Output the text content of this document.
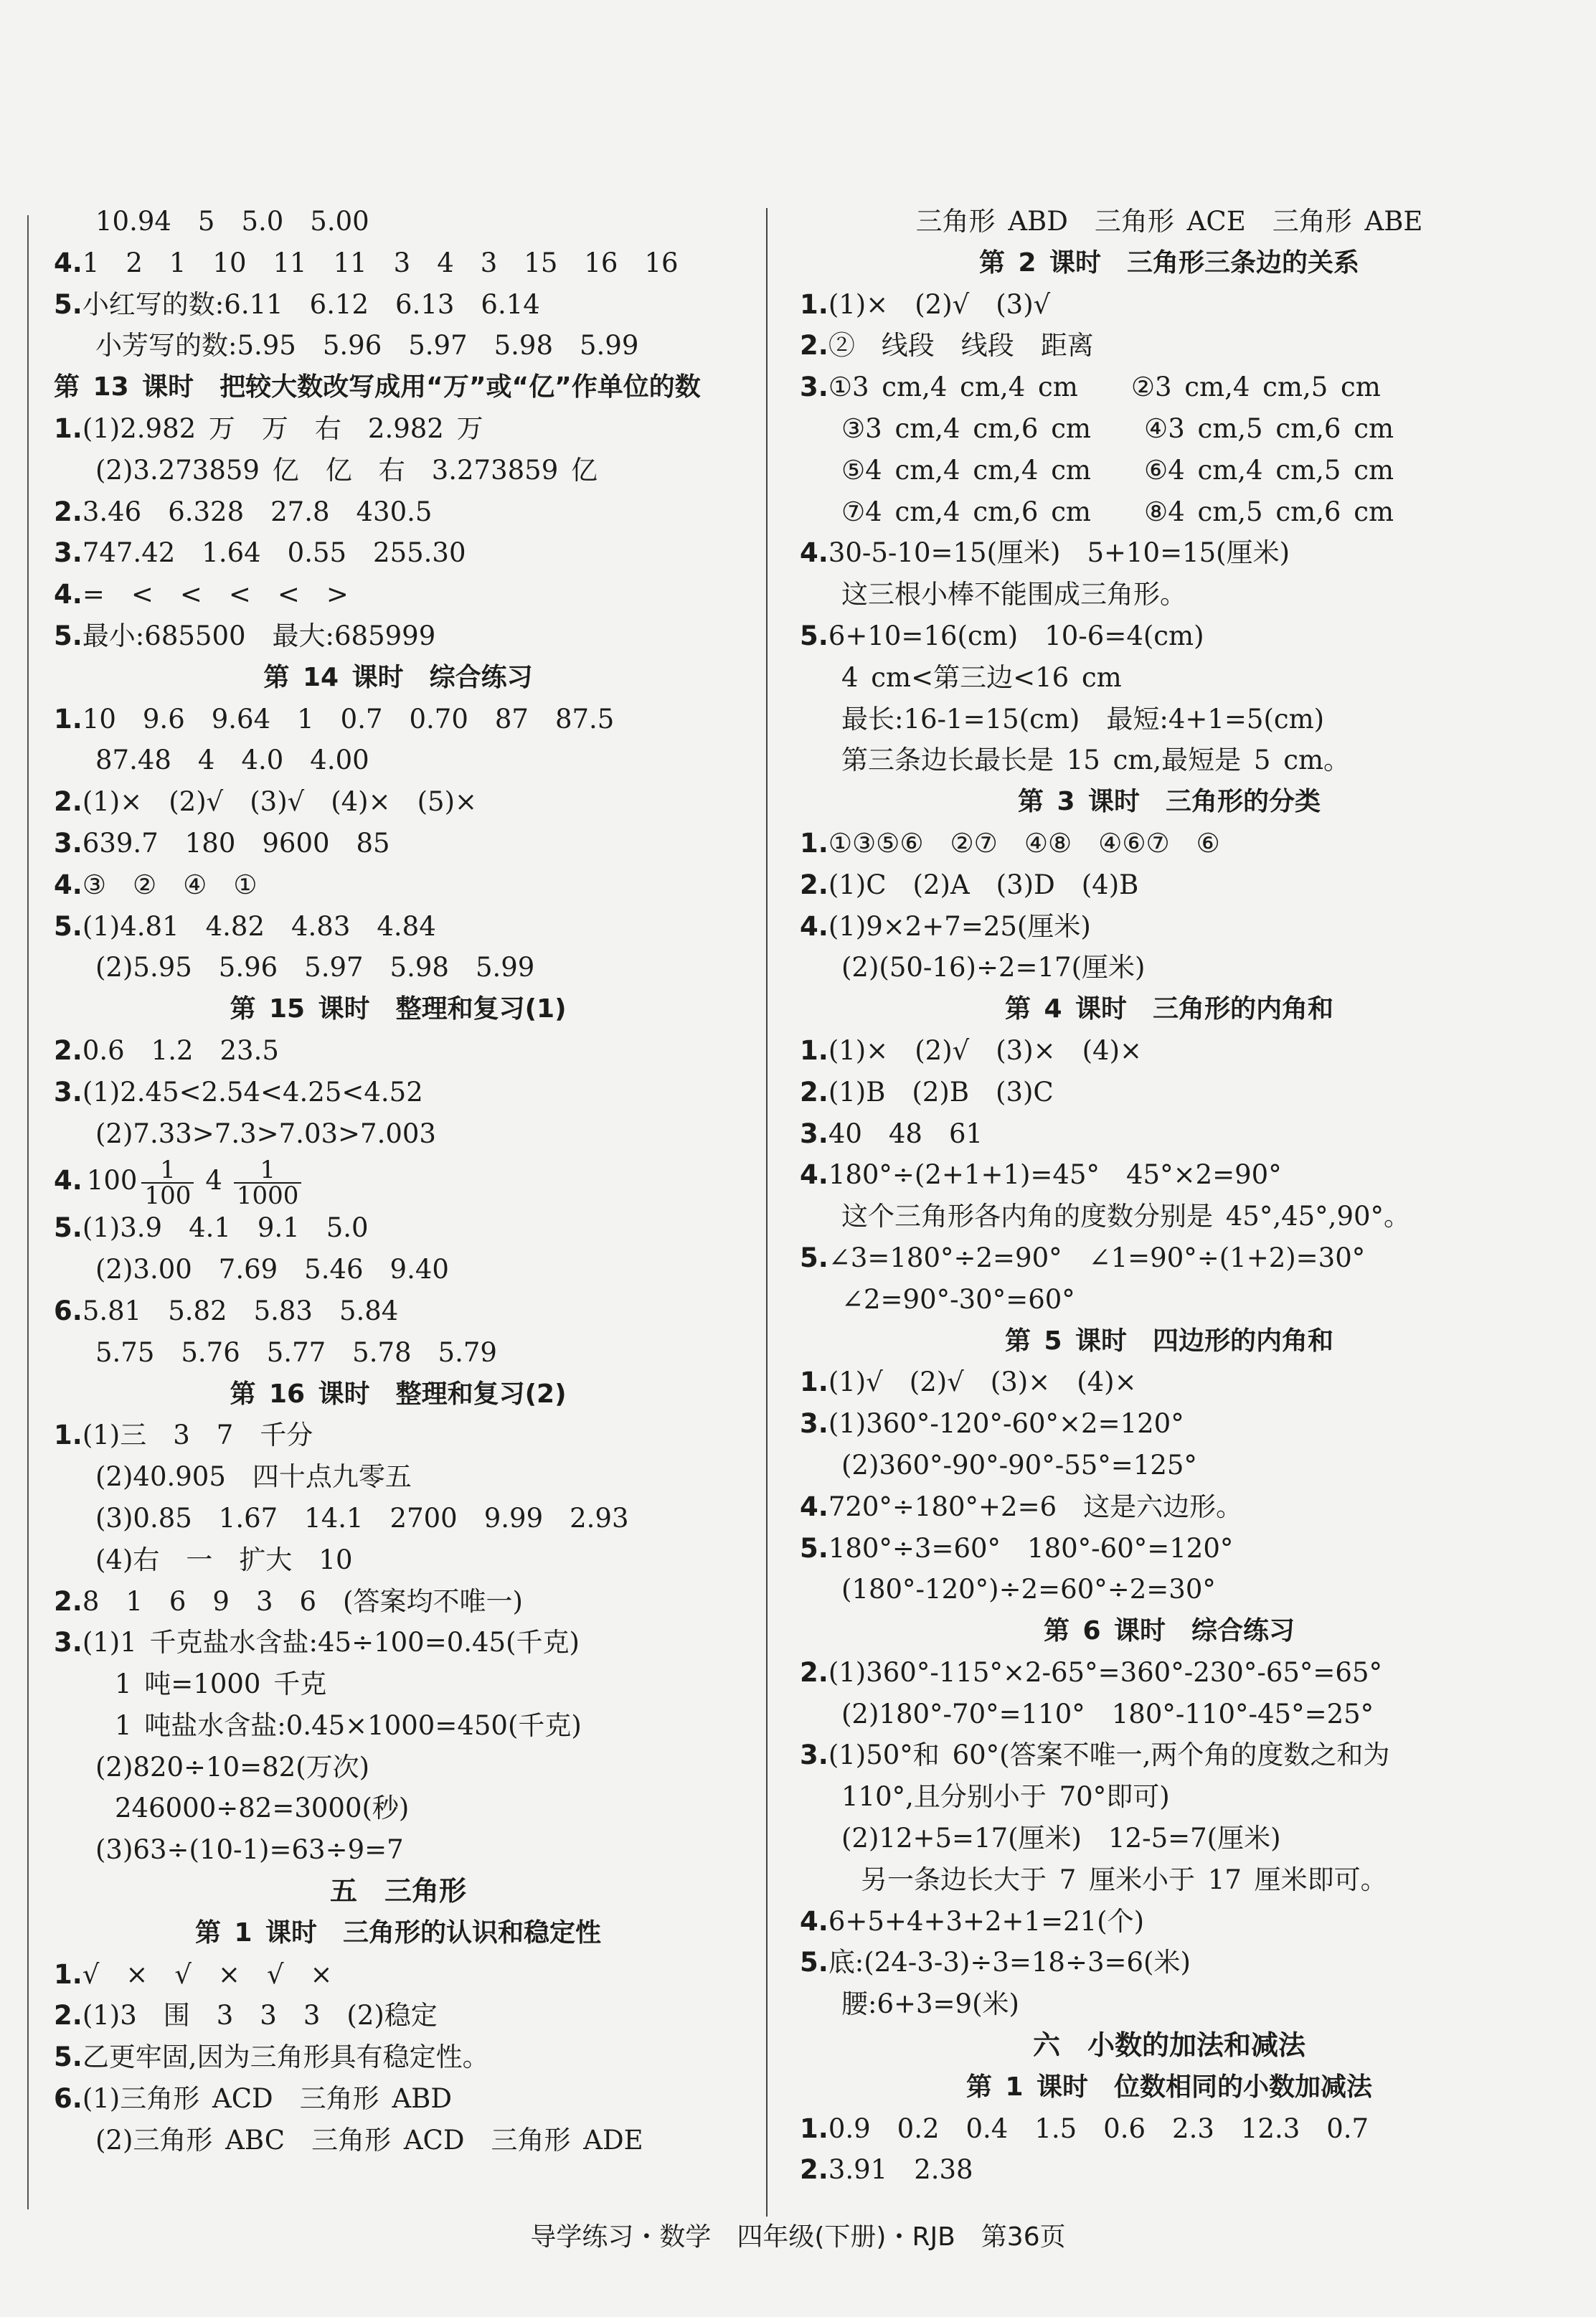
10.94　5　5.0　5.00
4.1　2　1　10　11　11　3　4　3　15　16　16
5.小红写的数:6.11　6.12　6.13　6.14
小芳写的数:5.95　5.96　5.97　5.98　5.99
第 13 课时　把较大数改写成用“万”或“亿”作单位的数
1.(1)2.982 万　万　右　2.982 万
(2)3.273859 亿　亿　右　3.273859 亿
2.3.46　6.328　27.8　430.5
3.747.42　1.64　0.55　255.30
4.=　<　<　<　<　>
5.最小:685500　最大:685999
第 14 课时　综合练习
1.10　9.6　9.64　1　0.7　0.70　87　87.5
87.48　4　4.0　4.00
2.(1)×　(2)√　(3)√　(4)×　(5)×
3.639.7　180　9600　85
4.③　②　④　①
5.(1)4.81　4.82　4.83　4.84
(2)5.95　5.96　5.97　5.98　5.99
第 15 课时　整理和复习(1)
2.0.6　1.2　23.5
3.(1)2.45<2.54<4.25<4.52
(2)7.33>7.3>7.03>7.003
4. $100 \frac{1}{100} 4 \frac{1}{1000}$
5.(1)3.9　4.1　9.1　5.0
(2)3.00　7.69　5.46　9.40
6.5.81　5.82　5.83　5.84
5.75　5.76　5.77　5.78　5.79
第 16 课时　整理和复习(2)
1.(1)三　3　7　千分
(2)40.905　四十点九零五
(3)0.85　1.67　14.1　2700　9.99　2.93
(4)右　一　扩大　10
2.8　1　6　9　3　6　(答案均不唯一)
3.(1)1 千克盐水含盐:45÷100=0.45(千克)
1 吨=1000 千克
1 吨盐水含盐:0.45×1000=450(千克)
(2)820÷10=82(万次)
246000÷82=3000(秒)
(3)63÷(10-1)=63÷9=7
五　三角形
第 1 课时　三角形的认识和稳定性
1.√　×　√　×　√　×
2.(1)3　围　3　3　3　(2)稳定
5.乙更牢固,因为三角形具有稳定性。
6.(1)三角形 ACD　三角形 ABD
(2)三角形 ABC　三角形 ACD　三角形 ADE
三角形 ABD　三角形 ACE　三角形 ABE
第 2 课时　三角形三条边的关系
1.(1)×　(2)√　(3)√
2.②　线段　线段　距离
3.①3 cm,4 cm,4 cm　　②3 cm,4 cm,5 cm
③3 cm,4 cm,6 cm　　④3 cm,5 cm,6 cm
⑤4 cm,4 cm,4 cm　　⑥4 cm,4 cm,5 cm
⑦4 cm,4 cm,6 cm　　⑧4 cm,5 cm,6 cm
4.30-5-10=15(厘米)　5+10=15(厘米)
这三根小棒不能围成三角形。
5.6+10=16(cm)　10-6=4(cm)
4 cm<第三边<16 cm
最长:16-1=15(cm)　最短:4+1=5(cm)
第三条边长最长是 15 cm,最短是 5 cm。
第 3 课时　三角形的分类
1.①③⑤⑥　②⑦　④⑧　④⑥⑦　⑥
2.(1)C　(2)A　(3)D　(4)B
4.(1)9×2+7=25(厘米)
(2)(50-16)÷2=17(厘米)
第 4 课时　三角形的内角和
1.(1)×　(2)√　(3)×　(4)×
2.(1)B　(2)B　(3)C
3.40　48　61
4.180°÷(2+1+1)=45°　45°×2=90°
这个三角形各内角的度数分别是 45°,45°,90°。
5.∠3=180°÷2=90°　∠1=90°÷(1+2)=30°
∠2=90°-30°=60°
第 5 课时　四边形的内角和
1.(1)√　(2)√　(3)×　(4)×
3.(1)360°-120°-60°×2=120°
(2)360°-90°-90°-55°=125°
4.720°÷180°+2=6　这是六边形。
5.180°÷3=60°　180°-60°=120°
(180°-120°)÷2=60°÷2=30°
第 6 课时　综合练习
2.(1)360°-115°×2-65°=360°-230°-65°=65°
(2)180°-70°=110°　180°-110°-45°=25°
3.(1)50°和 60°(答案不唯一,两个角的度数之和为
110°,且分别小于 70°即可)
(2)12+5=17(厘米)　12-5=7(厘米)
另一条边长大于 7 厘米小于 17 厘米即可。
4.6+5+4+3+2+1=21(个)
5.底:(24-3-3)÷3=18÷3=6(米)
腰:6+3=9(米)
六　小数的加法和减法
第 1 课时　位数相同的小数加减法
1.0.9　0.2　0.4　1.5　0.6　2.3　12.3　0.7
2.3.91　2.38
导学练习・数学　四年级(下册)・RJB　第36页
